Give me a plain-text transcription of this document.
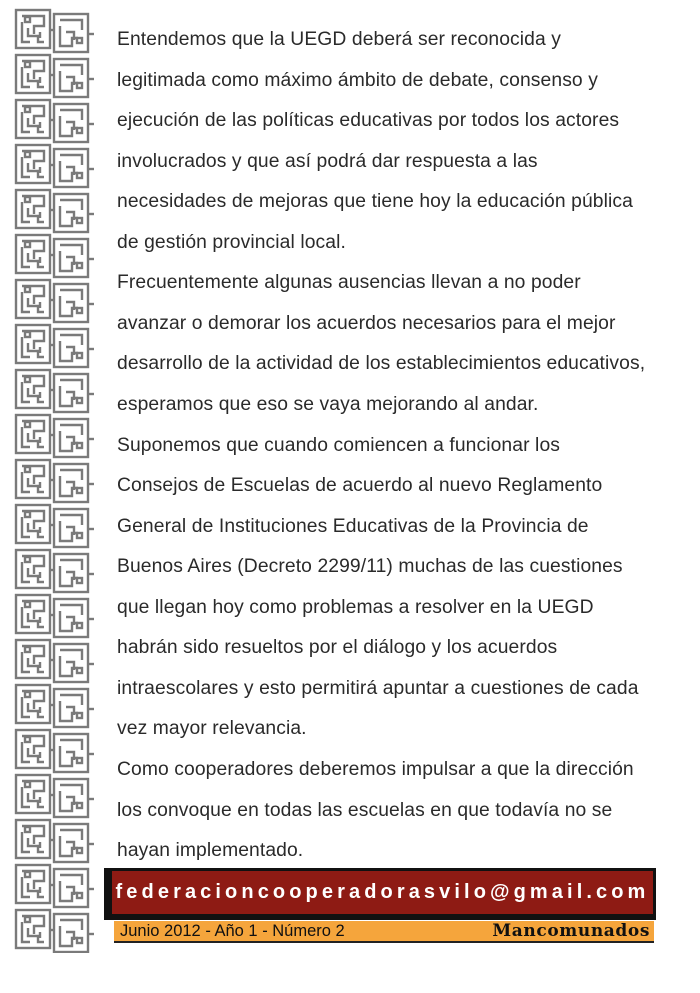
Entendemos que la UEGD deberá ser reconocida y

legitimada como máximo ámbito de debate, consenso y

ejecución de las políticas educativas por todos los actores

involucrados y que así podrá dar respuesta a las

necesidades de mejoras que tiene hoy la educación pública

de gestión provincial local.

Frecuentemente algunas ausencias llevan a no poder

avanzar o demorar los acuerdos necesarios para el mejor

desarrollo de la actividad de los establecimientos educativos,

esperamos que eso se vaya mejorando al andar.

Suponemos que cuando comiencen a funcionar los

Consejos de Escuelas de acuerdo al nuevo Reglamento

General de Instituciones Educativas de la Provincia de

Buenos Aires (Decreto 2299/11) muchas de las cuestiones

que llegan hoy como problemas a resolver en la UEGD

habrán sido resueltos por el diálogo y los acuerdos

intraescolares y esto permitirá apuntar a cuestiones de cada

vez mayor relevancia.

Como cooperadores deberemos impulsar a que la dirección

los convoque en todas las escuelas en que todavía no se

hayan implementado.

federacioncooperadorasvilo@gmail.com
Junio 2012 - Año 1 - Número 2	Mancomunados
